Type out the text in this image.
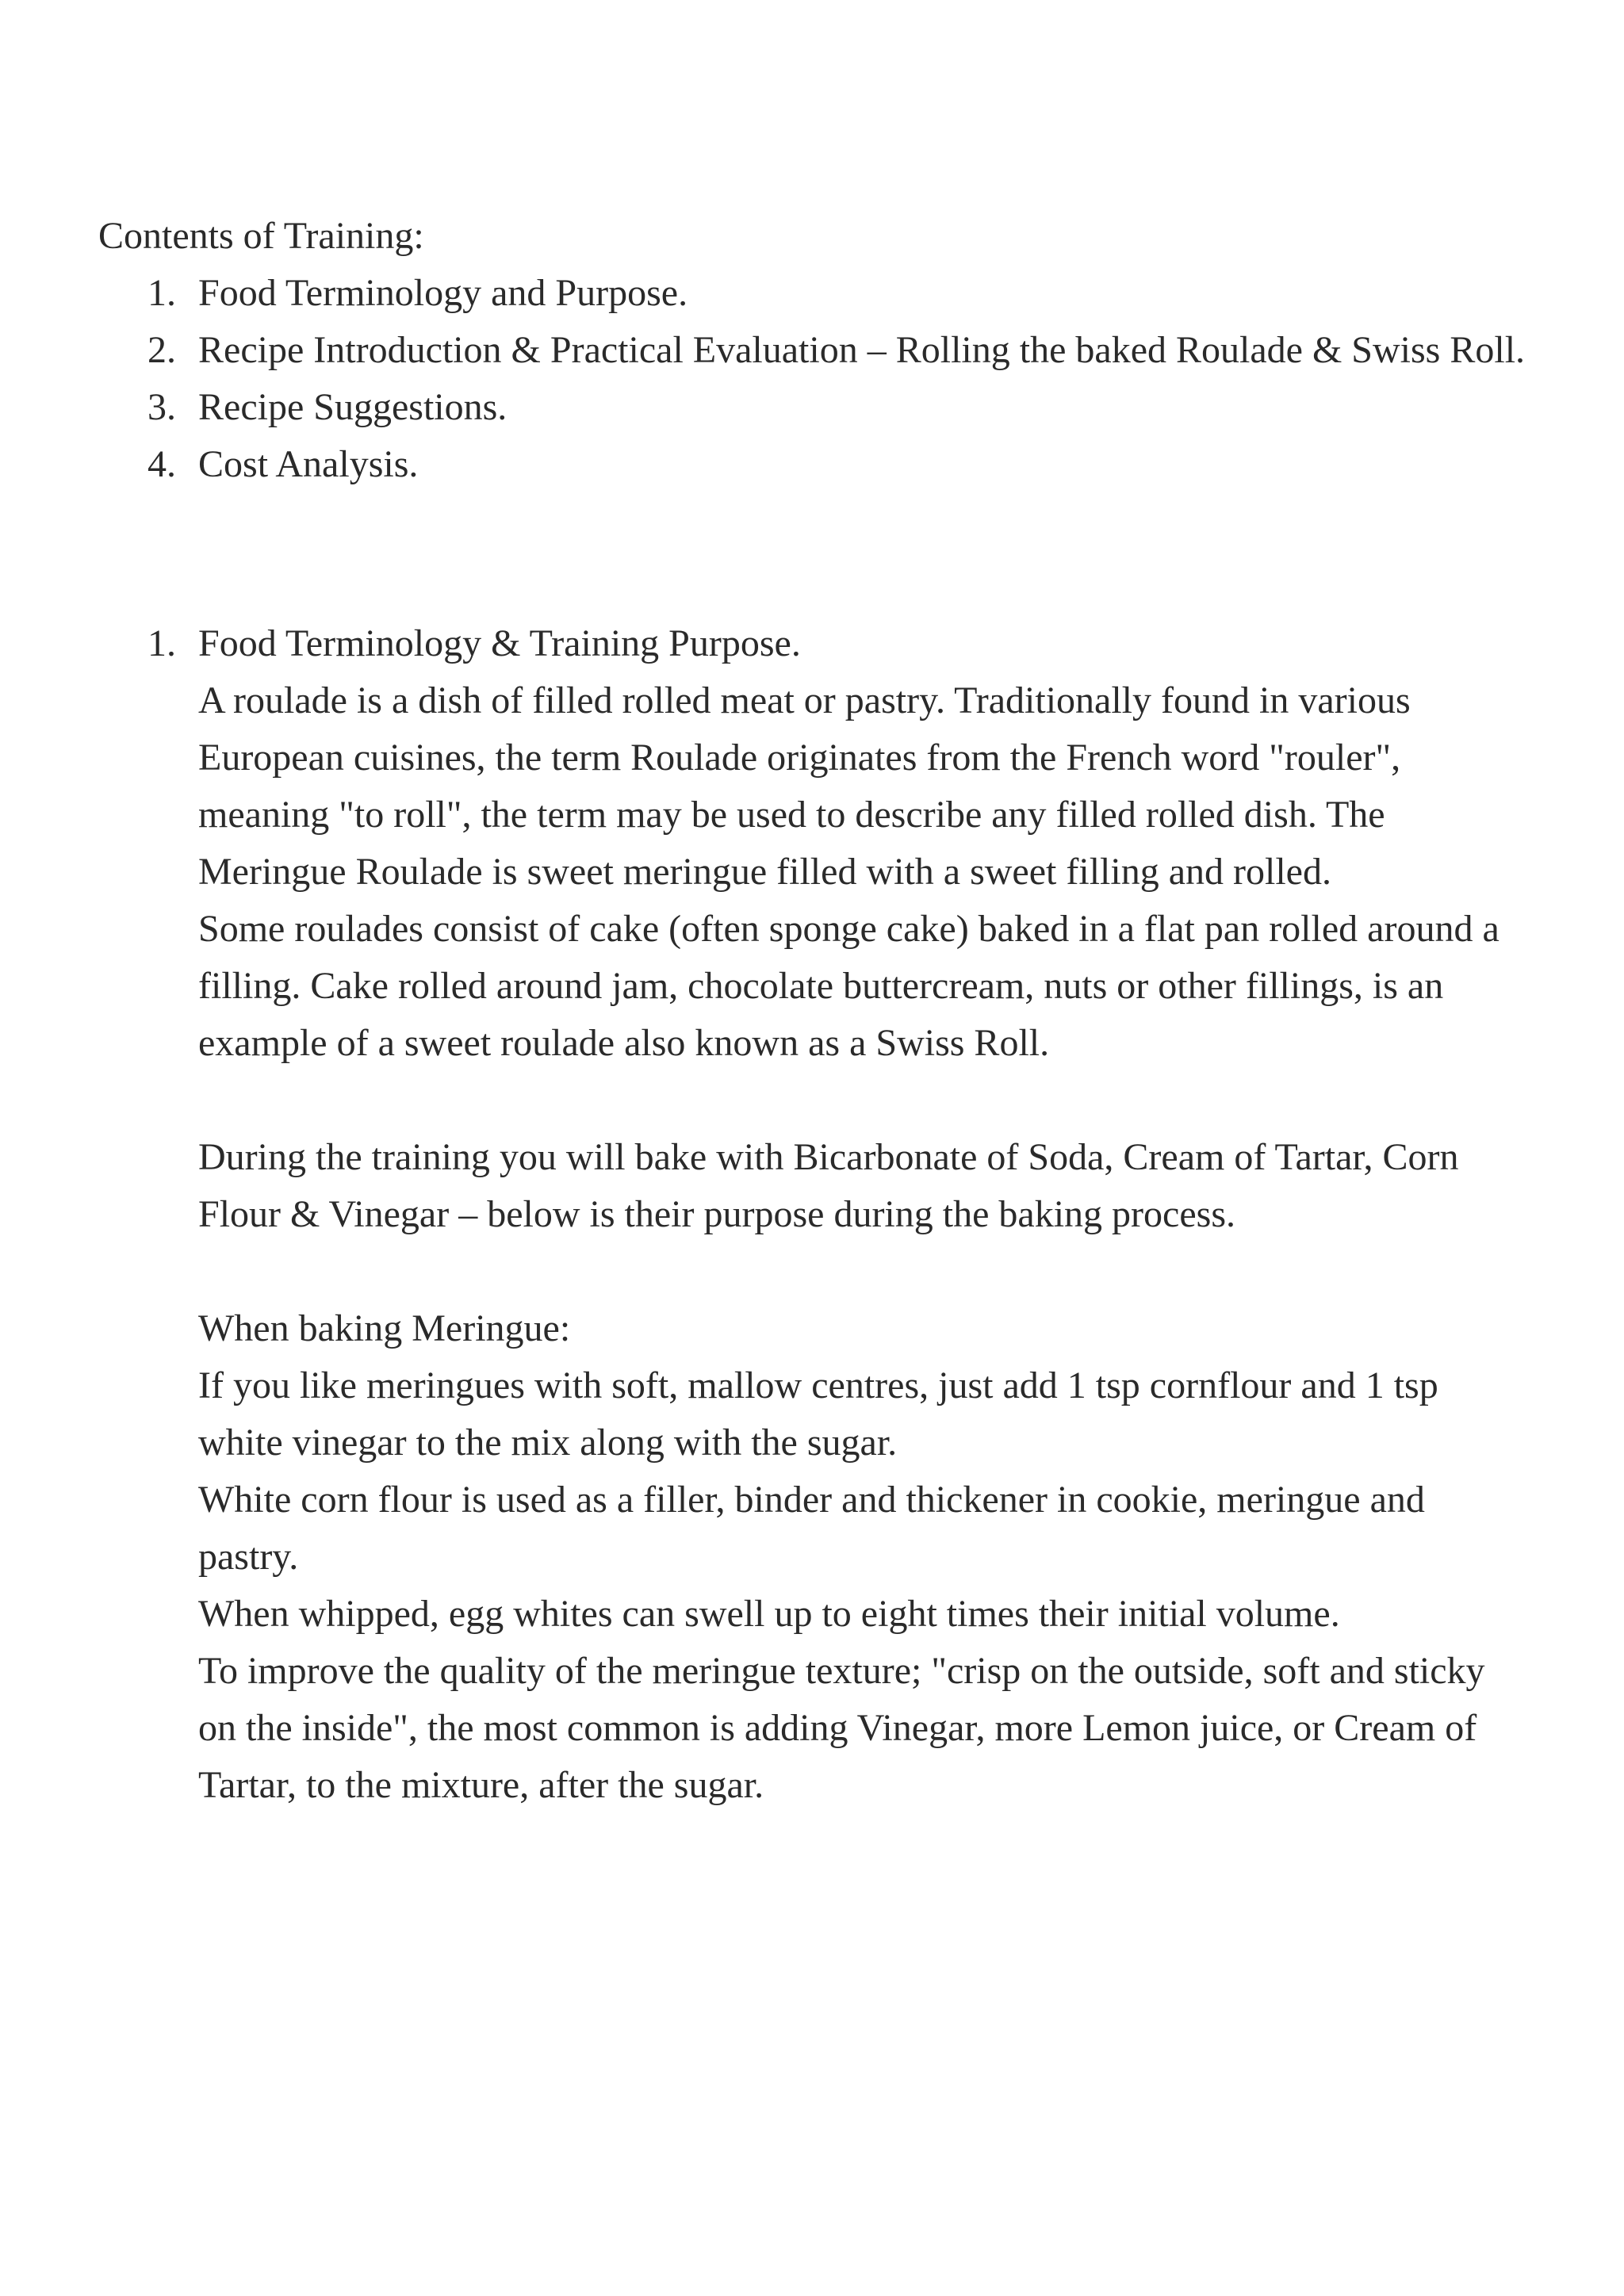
Contents of Training:
1. Food Terminology and Purpose.
2. Recipe Introduction & Practical Evaluation – Rolling the baked Roulade & Swiss Roll.
3. Recipe Suggestions.
4. Cost Analysis.
1. Food Terminology & Training Purpose.

A roulade is a dish of filled rolled meat or pastry. Traditionally found in various European cuisines, the term Roulade originates from the French word "rouler", meaning "to roll", the term may be used to describe any filled rolled dish. The Meringue Roulade is sweet meringue filled with a sweet filling and rolled.

Some roulades consist of cake (often sponge cake) baked in a flat pan rolled around a filling. Cake rolled around jam, chocolate buttercream, nuts or other fillings, is an example of a sweet roulade also known as a Swiss Roll.

During the training you will bake with Bicarbonate of Soda, Cream of Tartar, Corn Flour & Vinegar – below is their purpose during the baking process.

When baking Meringue:

If you like meringues with soft, mallow centres, just add 1 tsp cornflour and 1 tsp white vinegar to the mix along with the sugar.

White corn flour is used as a filler, binder and thickener in cookie, meringue and pastry.

When whipped, egg whites can swell up to eight times their initial volume.

To improve the quality of the meringue texture; "crisp on the outside, soft and sticky on the inside", the most common is adding Vinegar, more Lemon juice, or Cream of Tartar, to the mixture, after the sugar.
